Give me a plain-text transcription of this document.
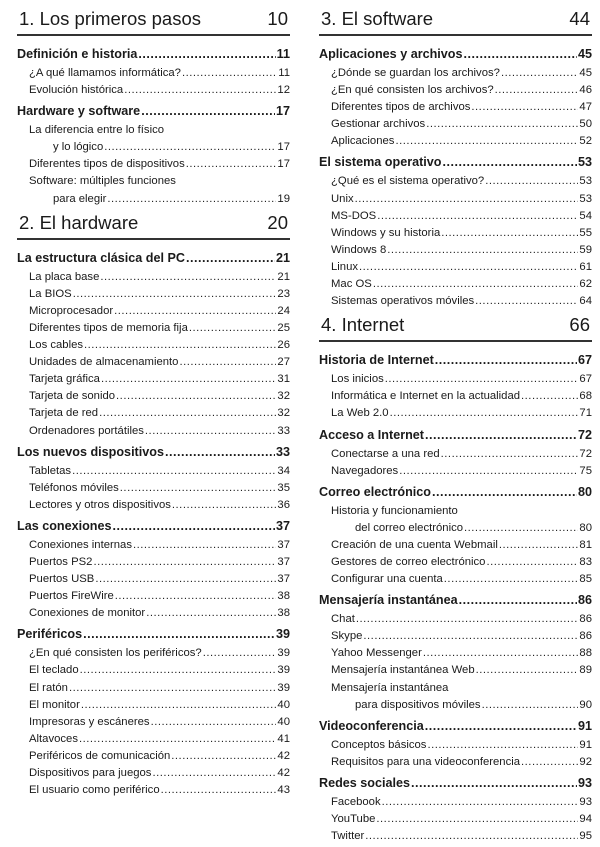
1. Los primeros pasos	10
Definición e historia .....	11
¿A qué llamamos informática? .....	11
Evolución histórica .....	12
Hardware y software .....	17
La diferencia entre lo físico
y lo lógico .....	17
Diferentes tipos de dispositivos .....	17
Software: múltiples funciones
para elegir .....	19
2. El hardware	20
La estructura clásica del PC .....	21
La placa base .....	21
La BIOS .....	23
Microprocesador .....	24
Diferentes tipos de memoria fija .....	25
Los cables .....	26
Unidades de almacenamiento .....	27
Tarjeta gráfica .....	31
Tarjeta de sonido .....	32
Tarjeta de red .....	32
Ordenadores portátiles .....	33
Los nuevos dispositivos .....	33
Tabletas .....	34
Teléfonos móviles .....	35
Lectores y otros dispositivos .....	36
Las conexiones .....	37
Conexiones internas .....	37
Puertos PS2 .....	37
Puertos USB .....	37
Puertos FireWire .....	38
Conexiones de monitor .....	38
Periféricos .....	39
¿En qué consisten los periféricos? .....	39
El teclado .....	39
El ratón .....	39
El monitor .....	40
Impresoras y escáneres .....	40
Altavoces .....	41
Periféricos de comunicación .....	42
Dispositivos para juegos .....	42
El usuario como periférico .....	43
3. El software	44
Aplicaciones y archivos .....	45
¿Dónde se guardan los archivos? .....	45
¿En qué consisten los archivos? .....	46
Diferentes tipos de archivos .....	47
Gestionar archivos .....	50
Aplicaciones .....	52
El sistema operativo .....	53
¿Qué es el sistema operativo? .....	53
Unix .....	53
MS-DOS .....	54
Windows y su historia .....	55
Windows 8 .....	59
Linux .....	61
Mac OS .....	62
Sistemas operativos móviles .....	64
4. Internet	66
Historia de Internet .....	67
Los inicios .....	67
Informática e Internet en la actualidad .....	68
La Web 2.0 .....	71
Acceso a Internet .....	72
Conectarse a una red .....	72
Navegadores .....	75
Correo electrónico .....	80
Historia y funcionamiento
del correo electrónico .....	80
Creación de una cuenta Webmail .....	81
Gestores de correo electrónico .....	83
Configurar una cuenta .....	85
Mensajería instantánea .....	86
Chat .....	86
Skype .....	86
Yahoo Messenger .....	88
Mensajería instantánea Web .....	89
Mensajería instantánea
para dispositivos móviles .....	90
Videoconferencia .....	91
Conceptos básicos .....	91
Requisitos para una videoconferencia .....	92
Redes sociales .....	93
Facebook .....	93
YouTube .....	94
Twitter .....	95
